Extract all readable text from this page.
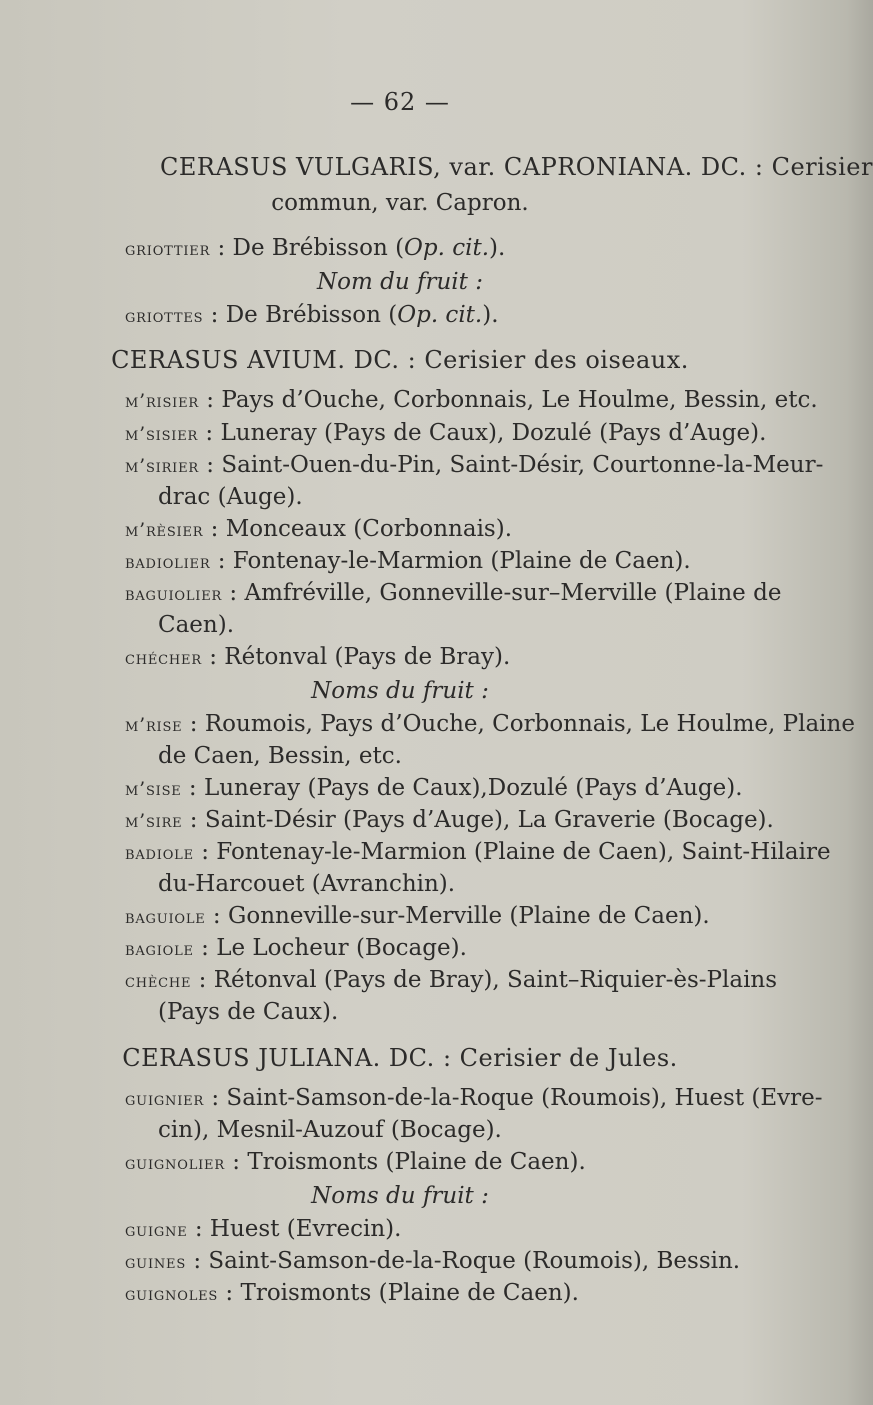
— 62 —
CERASUS VULGARIS, var. CAPRONIANA. DC. : Cerisier
commun, var. Capron.
griottier : De Brébisson (Op. cit.).
Nom du fruit :
griottes : De Brébisson (Op. cit.).
CERASUS AVIUM. DC. : Cerisier des oiseaux.
m’risier : Pays d’Ouche, Corbonnais, Le Houlme, Bessin, etc.
m’sisier : Luneray (Pays de Caux), Dozulé (Pays d’Auge).
m’sirier : Saint-Ouen-du-Pin, Saint-Désir, Courtonne-la-Meur-
drac (Auge).
m’rèsier : Monceaux (Corbonnais).
badiolier : Fontenay-le-Marmion (Plaine de Caen).
baguiolier : Amfréville, Gonneville-sur–Merville (Plaine de
Caen).
chécher : Rétonval (Pays de Bray).
Noms du fruit :
m’rise : Roumois, Pays d’Ouche, Corbonnais, Le Houlme, Plaine
de Caen, Bessin, etc.
m’sise : Luneray (Pays de Caux),Dozulé (Pays d’Auge).
m’sire : Saint-Désir (Pays d’Auge), La Graverie (Bocage).
badiole : Fontenay-le-Marmion (Plaine de Caen), Saint-Hilaire
du-Harcouet (Avranchin).
baguiole : Gonneville-sur-Merville (Plaine de Caen).
bagiole : Le Locheur (Bocage).
chèche : Rétonval (Pays de Bray), Saint–Riquier-ès-Plains
(Pays de Caux).
CERASUS JULIANA. DC. : Cerisier de Jules.
guignier : Saint-Samson-de-la-Roque (Roumois), Huest (Evre-
cin), Mesnil-Auzouf (Bocage).
guignolier : Troismonts (Plaine de Caen).
Noms du fruit :
guigne : Huest (Evrecin).
guines : Saint-Samson-de-la-Roque (Roumois), Bessin.
guignoles : Troismonts (Plaine de Caen).
